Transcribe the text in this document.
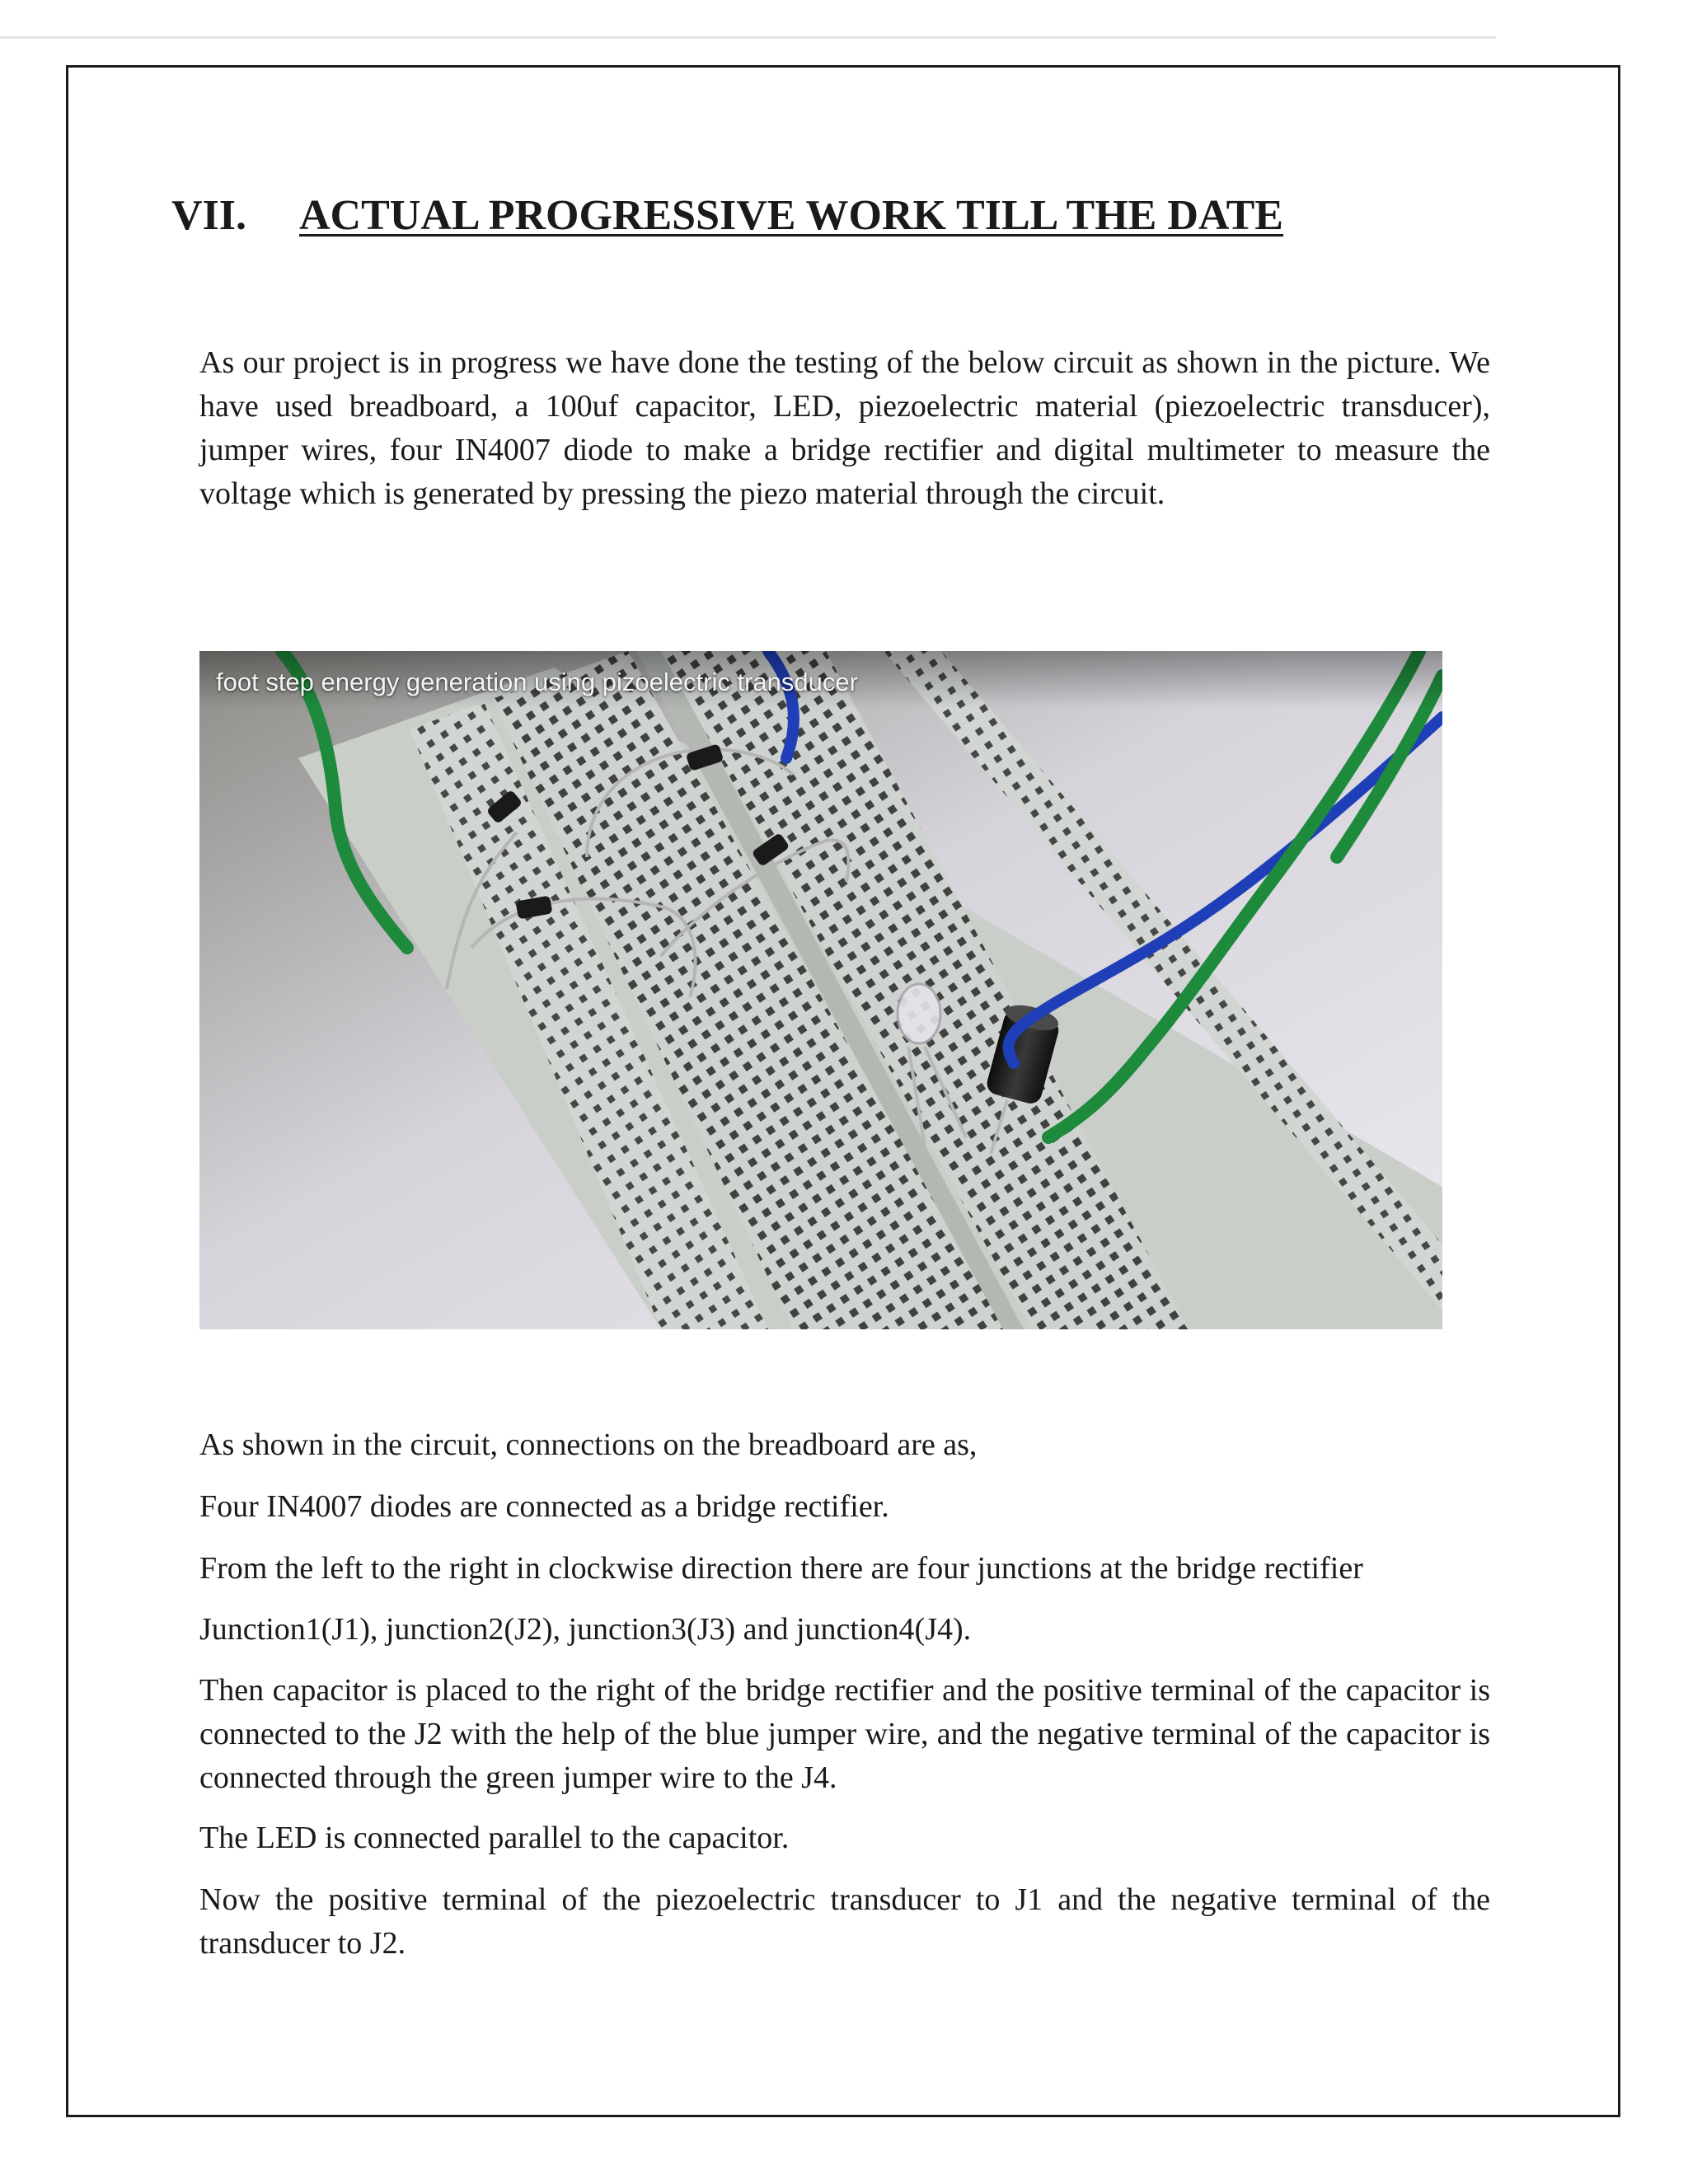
VII. ACTUAL PROGRESSIVE WORK TILL THE DATE

As our project is in progress we have done the testing of the below circuit as shown in the picture. We have used breadboard, a 100uf capacitor, LED, piezoelectric material (piezoelectric transducer), jumper wires, four IN4007 diode to make a bridge rectifier and digital multimeter to measure the voltage which is generated by pressing the piezo material through the circuit.

foot step energy generation using pizoelectric transducer

As shown in the circuit, connections on the breadboard are as,

Four IN4007 diodes are connected as a bridge rectifier.

From the left to the right in clockwise direction there are four junctions at the bridge rectifier

Junction1(J1), junction2(J2), junction3(J3) and junction4(J4).

Then capacitor is placed to the right of the bridge rectifier and the positive terminal of the capacitor is connected to the J2 with the help of the blue jumper wire, and the negative terminal of the capacitor is connected through the green jumper wire to the J4.

The LED is connected parallel to the capacitor.

Now the positive terminal of the piezoelectric transducer to J1 and the negative terminal of the transducer to J2.
